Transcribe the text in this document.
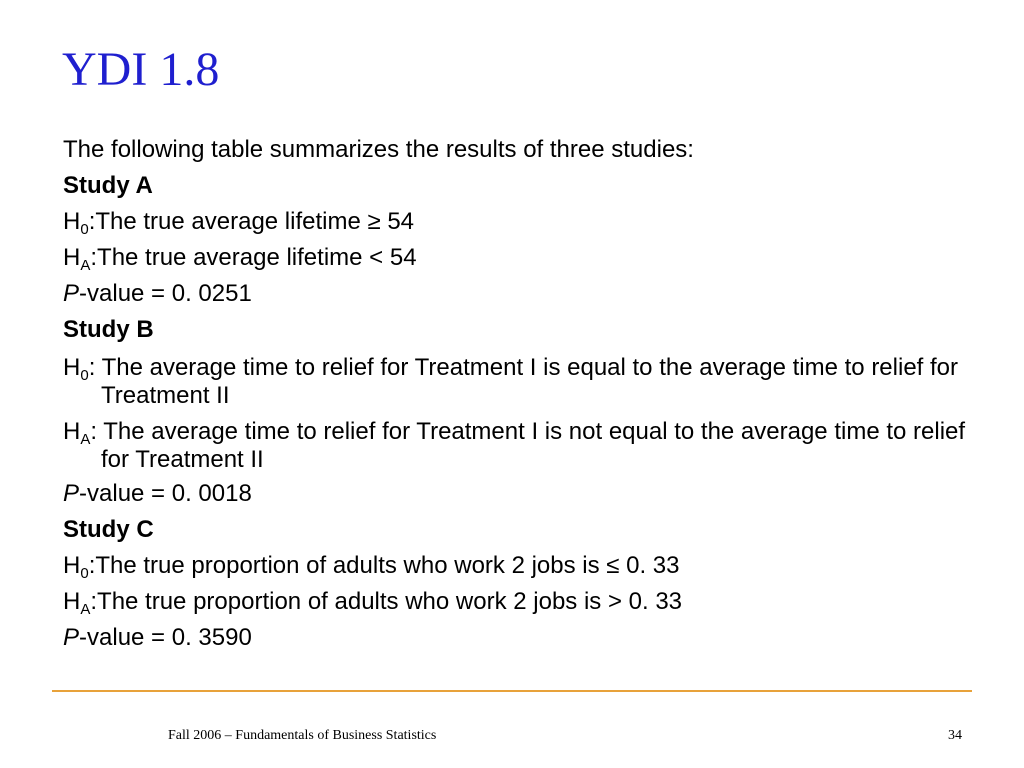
YDI 1.8
The following table summarizes the results of three studies:
Study A
$H_0:The$ true average lifetime ≥ 54
$H_A:The$ true average lifetime < 54
P-value = 0. 0251
Study B
$H_0$: The average time to relief for Treatment I is equal to the average time to relief for Treatment II
$H_A$: The average time to relief for Treatment I is not equal to the average time to relief for Treatment II
P-value = 0. 0018
Study C
$H_0:The$ true proportion of adults who work 2 jobs is ≤ 0. 33
$H_A:The$ true proportion of adults who work 2 jobs is > 0. 33
P-value = 0. 3590
Fall 2006 – Fundamentals of Business Statistics	34
